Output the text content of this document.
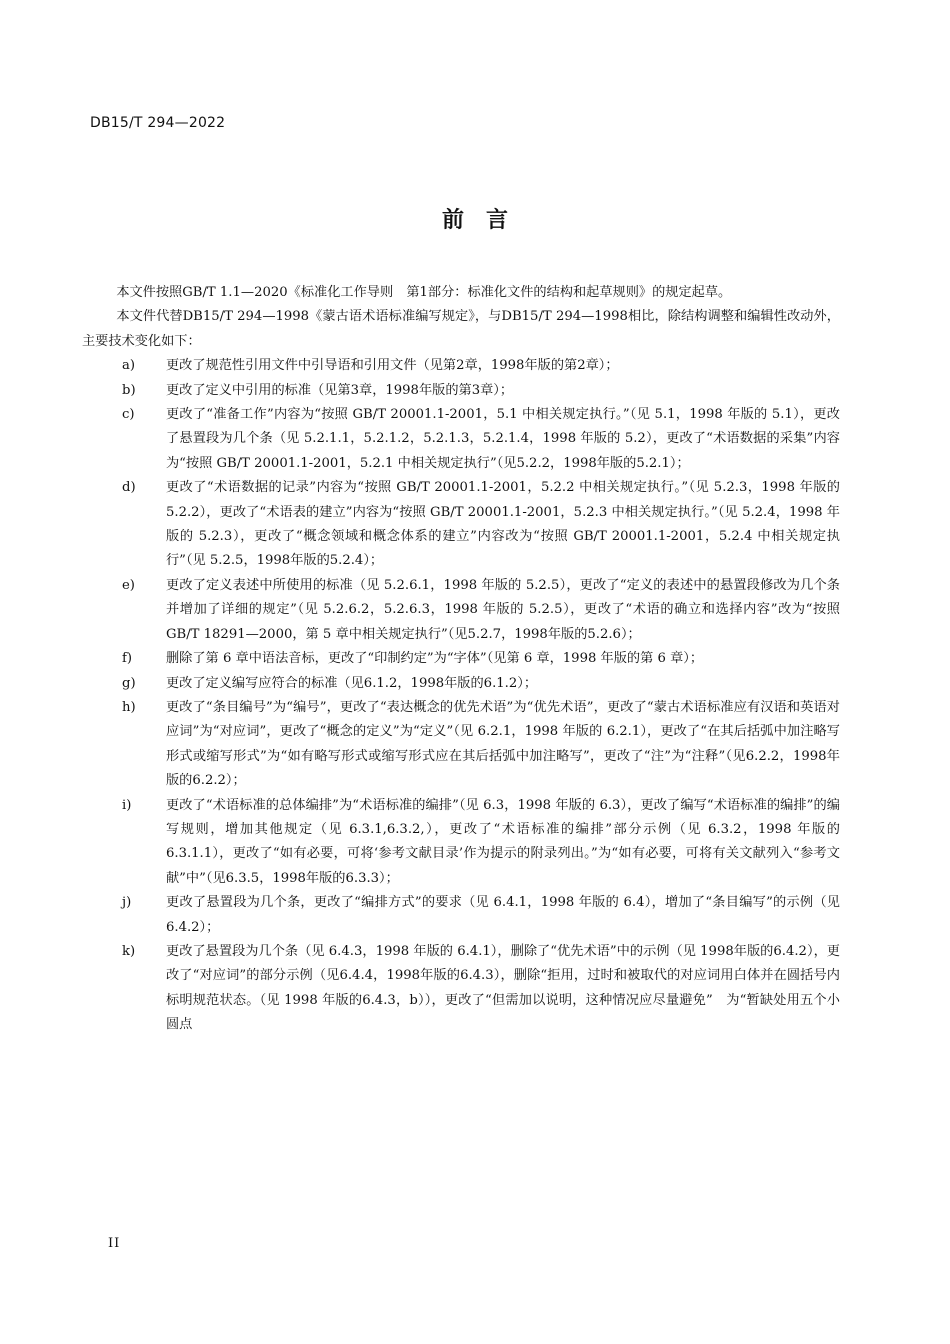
DB15/T 294—2022
前　言

本文件按照GB/T 1.1—2020《标准化工作导则　第1部分：标准化文件的结构和起草规则》的规定起草。

本文件代替DB15/T 294—1998《蒙古语术语标准编写规定》，与DB15/T 294—1998相比，除结构调整和编辑性改动外，主要技术变化如下：

a)	更改了规范性引用文件中引导语和引用文件（见第2章，1998年版的第2章）；
b)	更改了定义中引用的标准（见第3章，1998年版的第3章）；
c)	更改了“准备工作”内容为“按照 GB/T 20001.1-2001，5.1 中相关规定执行。”（见 5.1，1998 年版的 5.1），更改了悬置段为几个条（见 5.2.1.1，5.2.1.2，5.2.1.3，5.2.1.4，1998 年版的 5.2），更改了“术语数据的采集”内容为“按照 GB/T 20001.1-2001，5.2.1 中相关规定执行”（见5.2.2，1998年版的5.2.1）；
d)	更改了“术语数据的记录”内容为“按照 GB/T 20001.1-2001，5.2.2 中相关规定执行。”（见 5.2.3，1998 年版的 5.2.2），更改了“术语表的建立”内容为“按照 GB/T 20001.1-2001，5.2.3 中相关规定执行。”（见 5.2.4，1998 年版的 5.2.3），更改了“概念领域和概念体系的建立”内容改为“按照 GB/T 20001.1-2001，5.2.4 中相关规定执行”（见 5.2.5，1998年版的5.2.4）；
e)	更改了定义表述中所使用的标准（见 5.2.6.1，1998 年版的 5.2.5），更改了“定义的表述中的悬置段修改为几个条并增加了详细的规定”（见 5.2.6.2，5.2.6.3，1998 年版的 5.2.5），更改了“术语的确立和选择内容”改为“按照 GB/T 18291—2000，第 5 章中相关规定执行”（见5.2.7，1998年版的5.2.6）；
f)	删除了第 6 章中语法音标，更改了“印制约定”为“字体”（见第 6 章，1998 年版的第 6 章）；
g)	更改了定义编写应符合的标准（见6.1.2，1998年版的6.1.2）；
h)	更改了“条目编号”为“编号”，更改了“表达概念的优先术语”为“优先术语”，更改了“蒙古术语标准应有汉语和英语对应词”为“对应词”，更改了“概念的定义”为“定义”（见 6.2.1，1998 年版的 6.2.1），更改了“在其后括弧中加注略写形式或缩写形式”为“如有略写形式或缩写形式应在其后括弧中加注略写”，更改了“注”为“注释”（见6.2.2，1998年版的6.2.2）；
i)	更改了“术语标准的总体编排”为“术语标准的编排”（见 6.3，1998 年版的 6.3），更改了编写“术语标准的编排”的编写规则，增加其他规定（见 6.3.1,6.3.2,），更改了“术语标准的编排”部分示例（见 6.3.2，1998 年版的 6.3.1.1），更改了“如有必要，可将‘参考文献目录’作为提示的附录列出。”为“如有必要，可将有关文献列入“参考文献”中”（见6.3.5，1998年版的6.3.3）；
j)	更改了悬置段为几个条，更改了“编排方式”的要求（见 6.4.1，1998 年版的 6.4），增加了“条目编写”的示例（见6.4.2）；
k)	更改了悬置段为几个条（见 6.4.3，1998 年版的 6.4.1），删除了“优先术语”中的示例（见 1998年版的6.4.2），更改了“对应词”的部分示例（见6.4.4，1998年版的6.4.3），删除“拒用，过时和被取代的对应词用白体并在圆括号内标明规范状态。（见 1998 年版的6.4.3，b）），更改了“但需加以说明，这种情况应尽量避免”　为“暂缺处用五个小圆点
II
